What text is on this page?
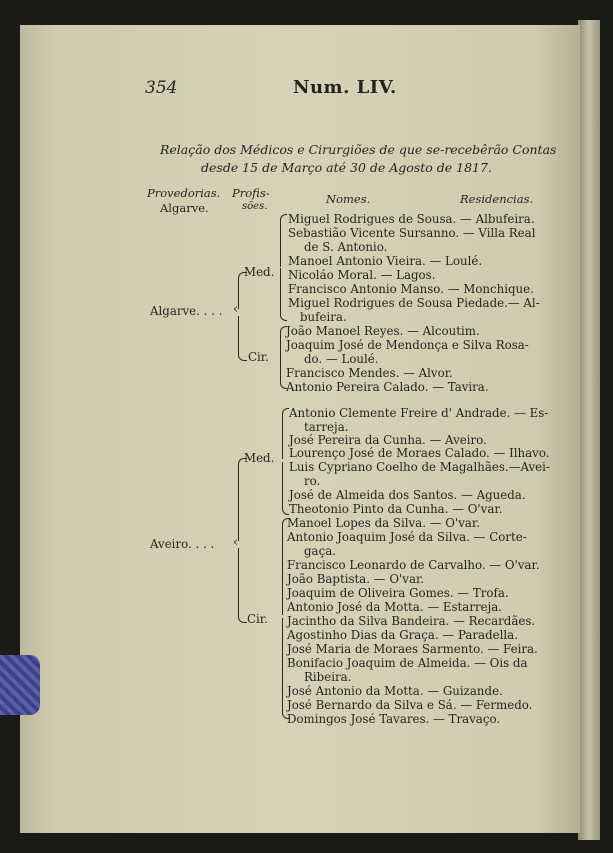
354	Num. LIV.
Relação dos Médicos e Cirurgiões de que se-recebêrão Contas
desde 15 de Março até 30 de Agosto de 1817.
Provedorias.
Algarve.
Profis-
sões.
Nomes.	Residencias.
Algarve. . . . ‹
Med.
Cir.
Miguel Rodrigues de Sousa. — Albufeira.
Sebastião Vicente Sursanno. — Villa Real
de S. Antonio.
Manoel Antonio Vieira. — Loulé.
Nicoláo Moral. — Lagos.
Francisco Antonio Manso. — Monchique.
Miguel Rodrigues de Sousa Piedade.— Al-
bufeira.
João Manoel Reyes. — Alcoutim.
Joaquim José de Mendonça e Silva Rosa-
do. — Loulé.
Francisco Mendes. — Alvor.
Antonio Pereira Calado. — Tavira.
Aveiro. . . . ‹
Med.
Cir.
Antonio Clemente Freire d' Andrade. — Es-
tarreja.
José Pereira da Cunha. — Aveiro.
Lourenço José de Moraes Calado. — Ilhavo.
Luis Cypriano Coelho de Magalhães.—Avei-
ro.
José de Almeida dos Santos. — Agueda.
Theotonio Pinto da Cunha. — O'var.
Manoel Lopes da Silva. — O'var.
Antonio Joaquim José da Silva. — Corte-
gaça.
Francisco Leonardo de Carvalho. — O'var.
João Baptista. — O'var.
Joaquim de Oliveira Gomes. — Trofa.
Antonio José da Motta. — Estarreja.
Jacintho da Silva Bandeira. — Recardães.
Agostinho Dias da Graça. — Paradella.
José Maria de Moraes Sarmento. — Feira.
Bonifacio Joaquim de Almeida. — Ois da
Ribeira.
José Antonio da Motta. — Guizande.
José Bernardo da Silva e Sá. — Fermedo.
Domingos José Tavares. — Travaço.
